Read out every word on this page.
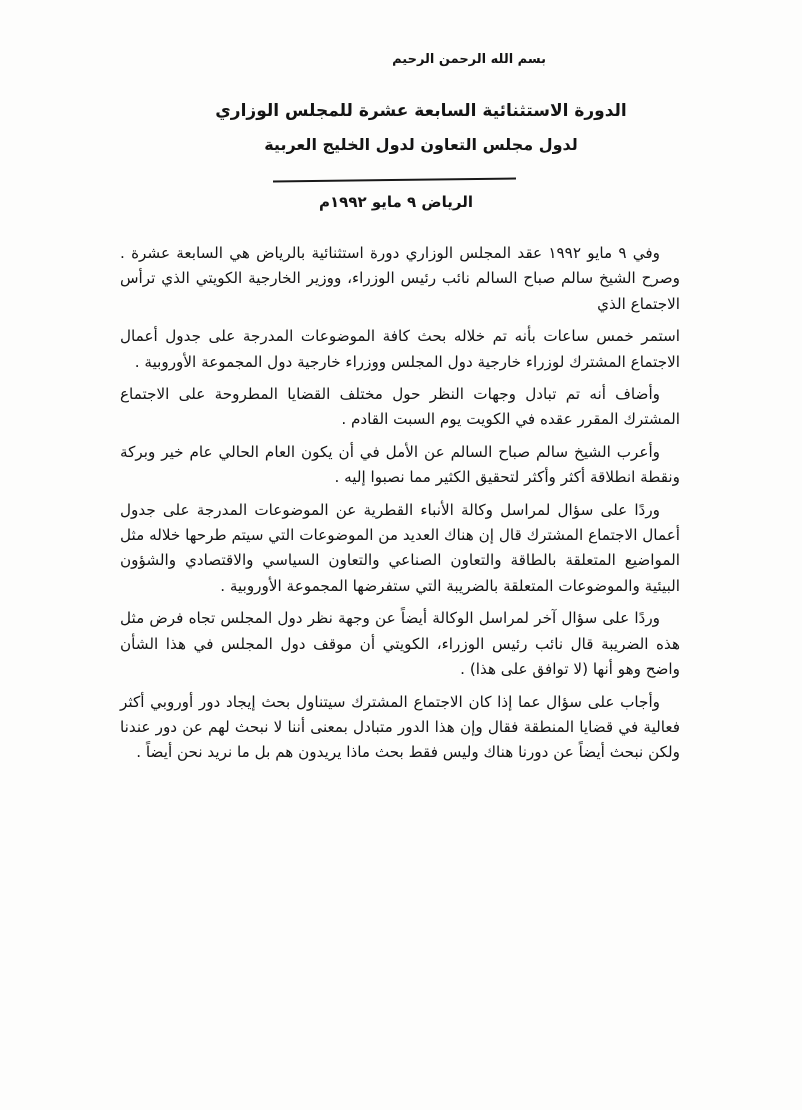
بسم الله الرحمن الرحيم
الدورة الاستثنائية السابعة عشرة للمجلس الوزاري
لدول مجلس التعاون لدول الخليج العربية
الرياض ٩ مايو ١٩٩٢م

وفي ٩ مايو ١٩٩٢ عقد المجلس الوزاري دورة استثنائية بالرياض هي السابعة عشرة . وصرح الشيخ سالم صباح السالم نائب رئيس الوزراء، ووزير الخارجية الكويتي الذي ترأس الاجتماع الذي

استمر خمس ساعات بأنه تم خلاله بحث كافة الموضوعات المدرجة على جدول أعمال الاجتماع المشترك لوزراء خارجية دول المجلس ووزراء خارجية دول المجموعة الأوروبية .

وأضاف أنه تم تبادل وجهات النظر حول مختلف القضايا المطروحة على الاجتماع المشترك المقرر عقده في الكويت يوم السبت القادم .

وأعرب الشيخ سالم صباح السالم عن الأمل في أن يكون العام الحالي عام خير وبركة ونقطة انطلاقة أكثر وأكثر لتحقيق الكثير مما نصبوا إليه .

وردًا على سؤال لمراسل وكالة الأنباء القطرية عن الموضوعات المدرجة على جدول أعمال الاجتماع المشترك قال إن هناك العديد من الموضوعات التي سيتم طرحها خلاله مثل المواضيع المتعلقة بالطاقة والتعاون الصناعي والتعاون السياسي والاقتصادي والشؤون البيئية والموضوعات المتعلقة بالضريبة التي ستفرضها المجموعة الأوروبية .

وردًا على سؤال آخر لمراسل الوكالة أيضاً عن وجهة نظر دول المجلس تجاه فرض مثل هذه الضريبة قال نائب رئيس الوزراء، الكويتي أن موقف دول المجلس في هذا الشأن واضح وهو أنها (لا توافق على هذا) .

وأجاب على سؤال عما إذا كان الاجتماع المشترك سيتناول بحث إيجاد دور أوروبي أكثر فعالية في قضايا المنطقة فقال وإن هذا الدور متبادل بمعنى أننا لا نبحث لهم عن دور عندنا ولكن نبحث أيضاً عن دورنا هناك وليس فقط بحث ماذا يريدون هم بل ما نريد نحن أيضاً .
